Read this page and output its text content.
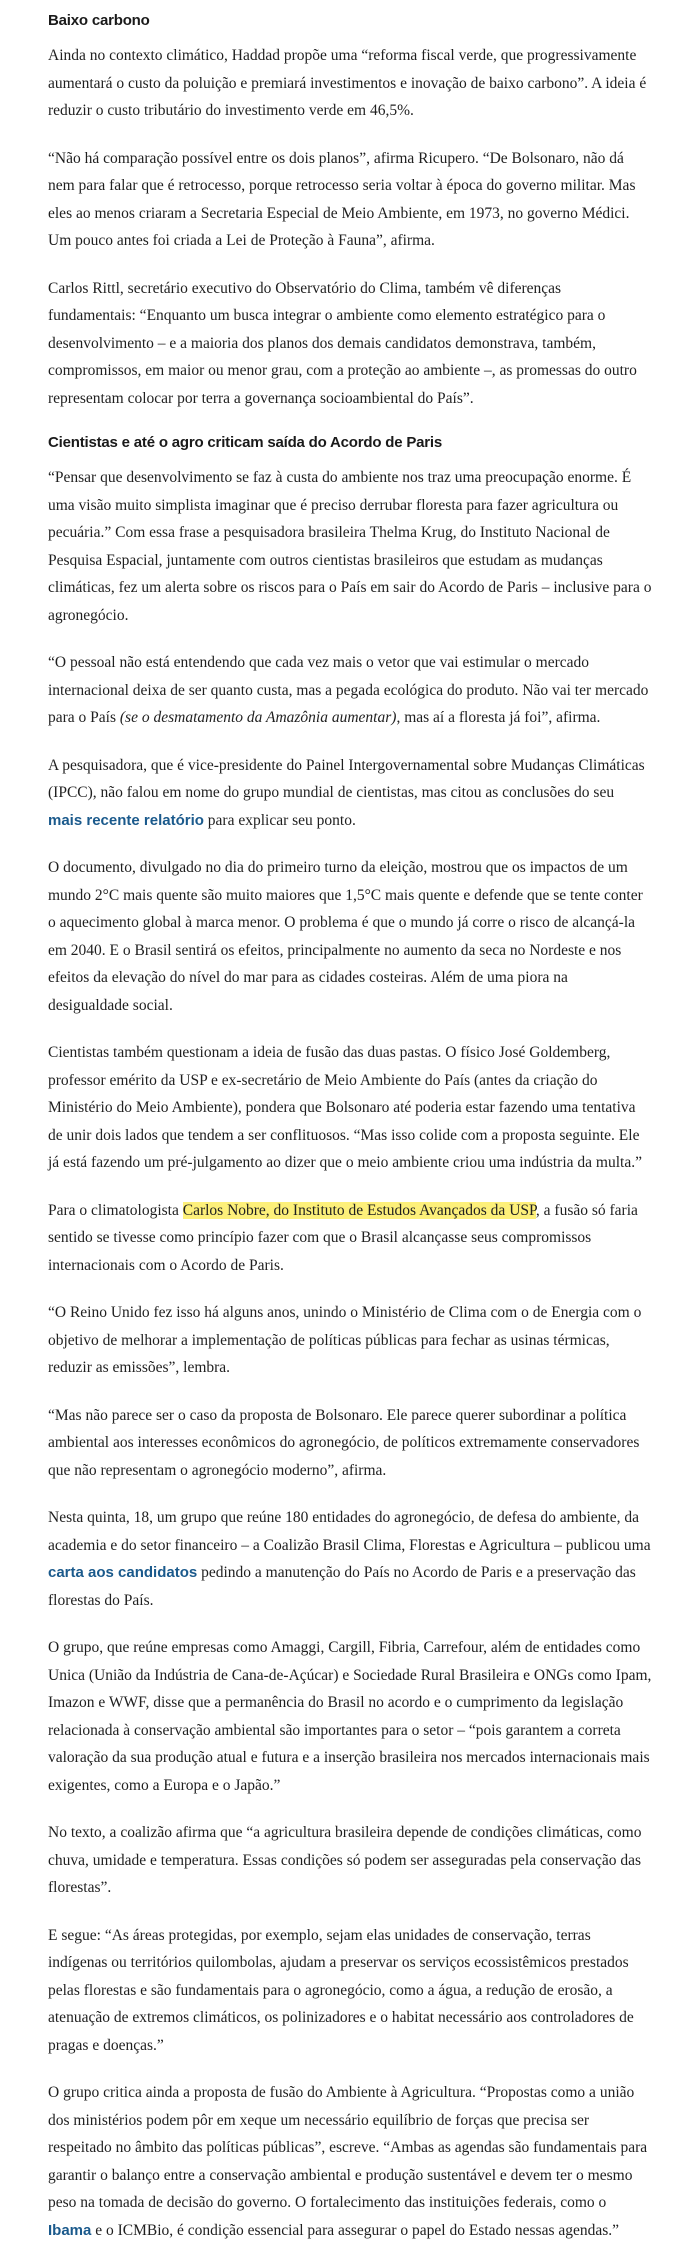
Baixo carbono

Ainda no contexto climático, Haddad propõe uma “reforma fiscal verde, que progressivamente aumentará o custo da poluição e premiará investimentos e inovação de baixo carbono”. A ideia é reduzir o custo tributário do investimento verde em 46,5%.

“Não há comparação possível entre os dois planos”, afirma Ricupero. “De Bolsonaro, não dá nem para falar que é retrocesso, porque retrocesso seria voltar à época do governo militar. Mas eles ao menos criaram a Secretaria Especial de Meio Ambiente, em 1973, no governo Médici. Um pouco antes foi criada a Lei de Proteção à Fauna”, afirma.

Carlos Rittl, secretário executivo do Observatório do Clima, também vê diferenças fundamentais: “Enquanto um busca integrar o ambiente como elemento estratégico para o desenvolvimento – e a maioria dos planos dos demais candidatos demonstrava, também, compromissos, em maior ou menor grau, com a proteção ao ambiente –, as promessas do outro representam colocar por terra a governança socioambiental do País”.

Cientistas e até o agro criticam saída do Acordo de Paris

“Pensar que desenvolvimento se faz à custa do ambiente nos traz uma preocupação enorme. É uma visão muito simplista imaginar que é preciso derrubar floresta para fazer agricultura ou pecuária.” Com essa frase a pesquisadora brasileira Thelma Krug, do Instituto Nacional de Pesquisa Espacial, juntamente com outros cientistas brasileiros que estudam as mudanças climáticas, fez um alerta sobre os riscos para o País em sair do Acordo de Paris – inclusive para o agronegócio.

“O pessoal não está entendendo que cada vez mais o vetor que vai estimular o mercado internacional deixa de ser quanto custa, mas a pegada ecológica do produto. Não vai ter mercado para o País (se o desmatamento da Amazônia aumentar), mas aí a floresta já foi”, afirma.

A pesquisadora, que é vice-presidente do Painel Intergovernamental sobre Mudanças Climáticas (IPCC), não falou em nome do grupo mundial de cientistas, mas citou as conclusões do seu mais recente relatório para explicar seu ponto.

O documento, divulgado no dia do primeiro turno da eleição, mostrou que os impactos de um mundo 2°C mais quente são muito maiores que 1,5°C mais quente e defende que se tente conter o aquecimento global à marca menor. O problema é que o mundo já corre o risco de alcançá-la em 2040. E o Brasil sentirá os efeitos, principalmente no aumento da seca no Nordeste e nos efeitos da elevação do nível do mar para as cidades costeiras. Além de uma piora na desigualdade social.

Cientistas também questionam a ideia de fusão das duas pastas. O físico José Goldemberg, professor emérito da USP e ex-secretário de Meio Ambiente do País (antes da criação do Ministério do Meio Ambiente), pondera que Bolsonaro até poderia estar fazendo uma tentativa de unir dois lados que tendem a ser conflituosos. “Mas isso colide com a proposta seguinte. Ele já está fazendo um pré-julgamento ao dizer que o meio ambiente criou uma indústria da multa.”

Para o climatologista Carlos Nobre, do Instituto de Estudos Avançados da USP, a fusão só faria sentido se tivesse como princípio fazer com que o Brasil alcançasse seus compromissos internacionais com o Acordo de Paris.

“O Reino Unido fez isso há alguns anos, unindo o Ministério de Clima com o de Energia com o objetivo de melhorar a implementação de políticas públicas para fechar as usinas térmicas, reduzir as emissões”, lembra.

“Mas não parece ser o caso da proposta de Bolsonaro. Ele parece querer subordinar a política ambiental aos interesses econômicos do agronegócio, de políticos extremamente conservadores que não representam o agronegócio moderno”, afirma.

Nesta quinta, 18, um grupo que reúne 180 entidades do agronegócio, de defesa do ambiente, da academia e do setor financeiro – a Coalizão Brasil Clima, Florestas e Agricultura – publicou uma carta aos candidatos pedindo a manutenção do País no Acordo de Paris e a preservação das florestas do País.

O grupo, que reúne empresas como Amaggi, Cargill, Fibria, Carrefour, além de entidades como Unica (União da Indústria de Cana-de-Açúcar) e Sociedade Rural Brasileira e ONGs como Ipam, Imazon e WWF, disse que a permanência do Brasil no acordo e o cumprimento da legislação relacionada à conservação ambiental são importantes para o setor – “pois garantem a correta valoração da sua produção atual e futura e a inserção brasileira nos mercados internacionais mais exigentes, como a Europa e o Japão.”

No texto, a coalizão afirma que “a agricultura brasileira depende de condições climáticas, como chuva, umidade e temperatura. Essas condições só podem ser asseguradas pela conservação das florestas”.

E segue: “As áreas protegidas, por exemplo, sejam elas unidades de conservação, terras indígenas ou territórios quilombolas, ajudam a preservar os serviços ecossistêmicos prestados pelas florestas e são fundamentais para o agronegócio, como a água, a redução de erosão, a atenuação de extremos climáticos, os polinizadores e o habitat necessário aos controladores de pragas e doenças.”

O grupo critica ainda a proposta de fusão do Ambiente à Agricultura. “Propostas como a união dos ministérios podem pôr em xeque um necessário equilíbrio de forças que precisa ser respeitado no âmbito das políticas públicas”, escreve. “Ambas as agendas são fundamentais para garantir o balanço entre a conservação ambiental e produção sustentável e devem ter o mesmo peso na tomada de decisão do governo. O fortalecimento das instituições federais, como o Ibama e o ICMBio, é condição essencial para assegurar o papel do Estado nessas agendas.”
